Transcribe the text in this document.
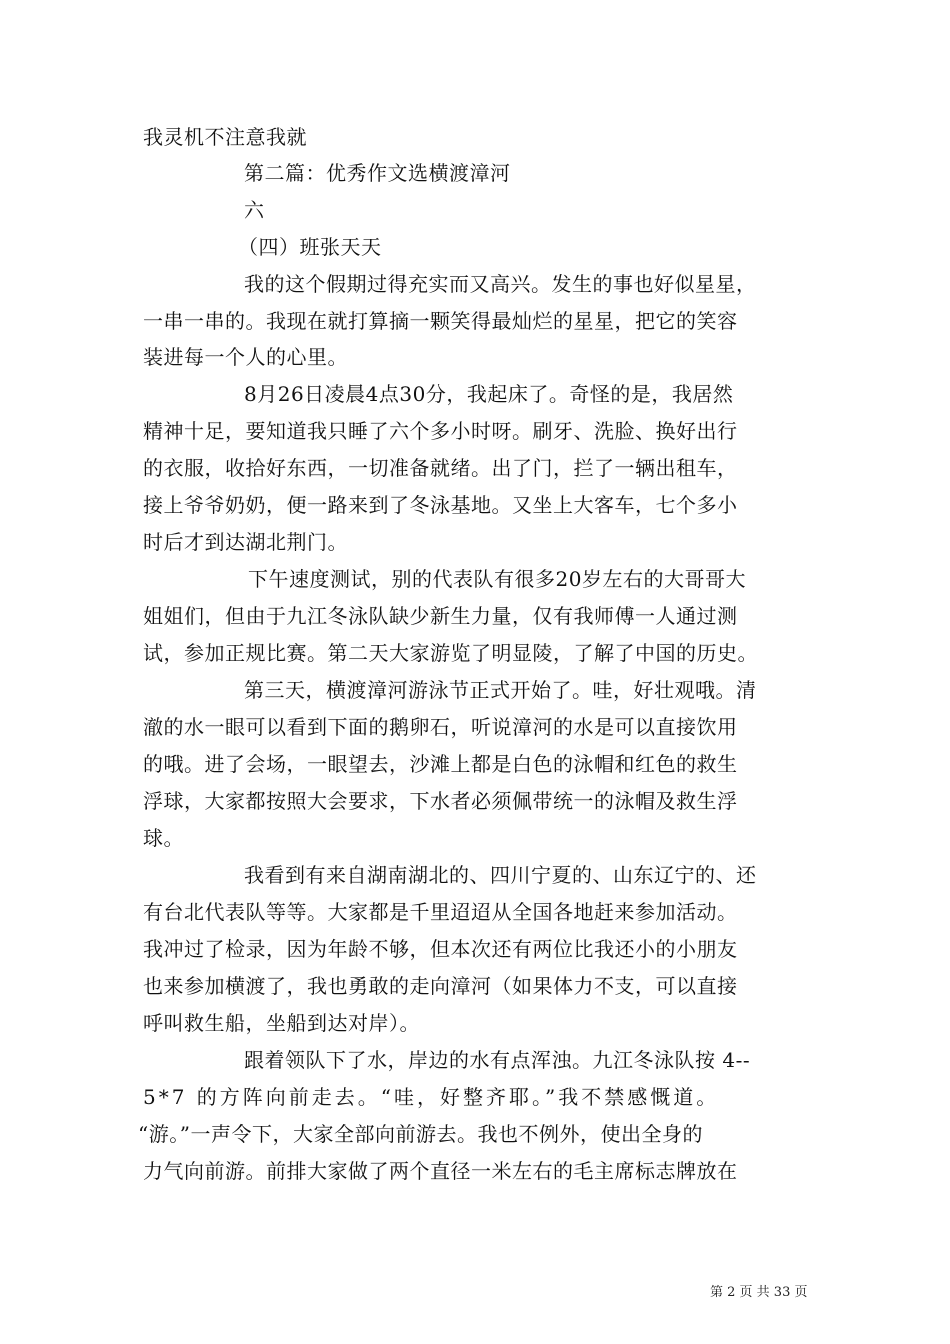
我灵机不注意我就
第二篇：优秀作文选横渡漳河
六
（四）班张天天
我的这个假期过得充实而又高兴。发生的事也好似星星，
一串一串的。我现在就打算摘一颗笑得最灿烂的星星，把它的笑容
装进每一个人的心里。
8月26日凌晨4点30分，我起床了。奇怪的是，我居然
精神十足，要知道我只睡了六个多小时呀。刷牙、洗脸、换好出行
的衣服，收拾好东西，一切准备就绪。出了门，拦了一辆出租车，
接上爷爷奶奶，便一路来到了冬泳基地。又坐上大客车，七个多小
时后才到达湖北荆门。
下午速度测试，别的代表队有很多20岁左右的大哥哥大
姐姐们，但由于九江冬泳队缺少新生力量，仅有我师傅一人通过测
试，参加正规比赛。第二天大家游览了明显陵，了解了中国的历史。
第三天，横渡漳河游泳节正式开始了。哇，好壮观哦。清
澈的水一眼可以看到下面的鹅卵石，听说漳河的水是可以直接饮用
的哦。进了会场，一眼望去，沙滩上都是白色的泳帽和红色的救生
浮球，大家都按照大会要求，下水者必须佩带统一的泳帽及救生浮
球。
我看到有来自湖南湖北的、四川宁夏的、山东辽宁的、还
有台北代表队等等。大家都是千里迢迢从全国各地赶来参加活动。
我冲过了检录，因为年龄不够，但本次还有两位比我还小的小朋友
也来参加横渡了，我也勇敢的走向漳河（如果体力不支，可以直接
呼叫救生船，坐船到达对岸）。
跟着领队下了水，岸边的水有点浑浊。九江冬泳队按 4--
5*7 的方阵向前走去。“哇，好整齐耶。”我不禁感慨道。
“游。”一声令下，大家全部向前游去。我也不例外，使出全身的
力气向前游。前排大家做了两个直径一米左右的毛主席标志牌放在
第 2 页 共 33 页
